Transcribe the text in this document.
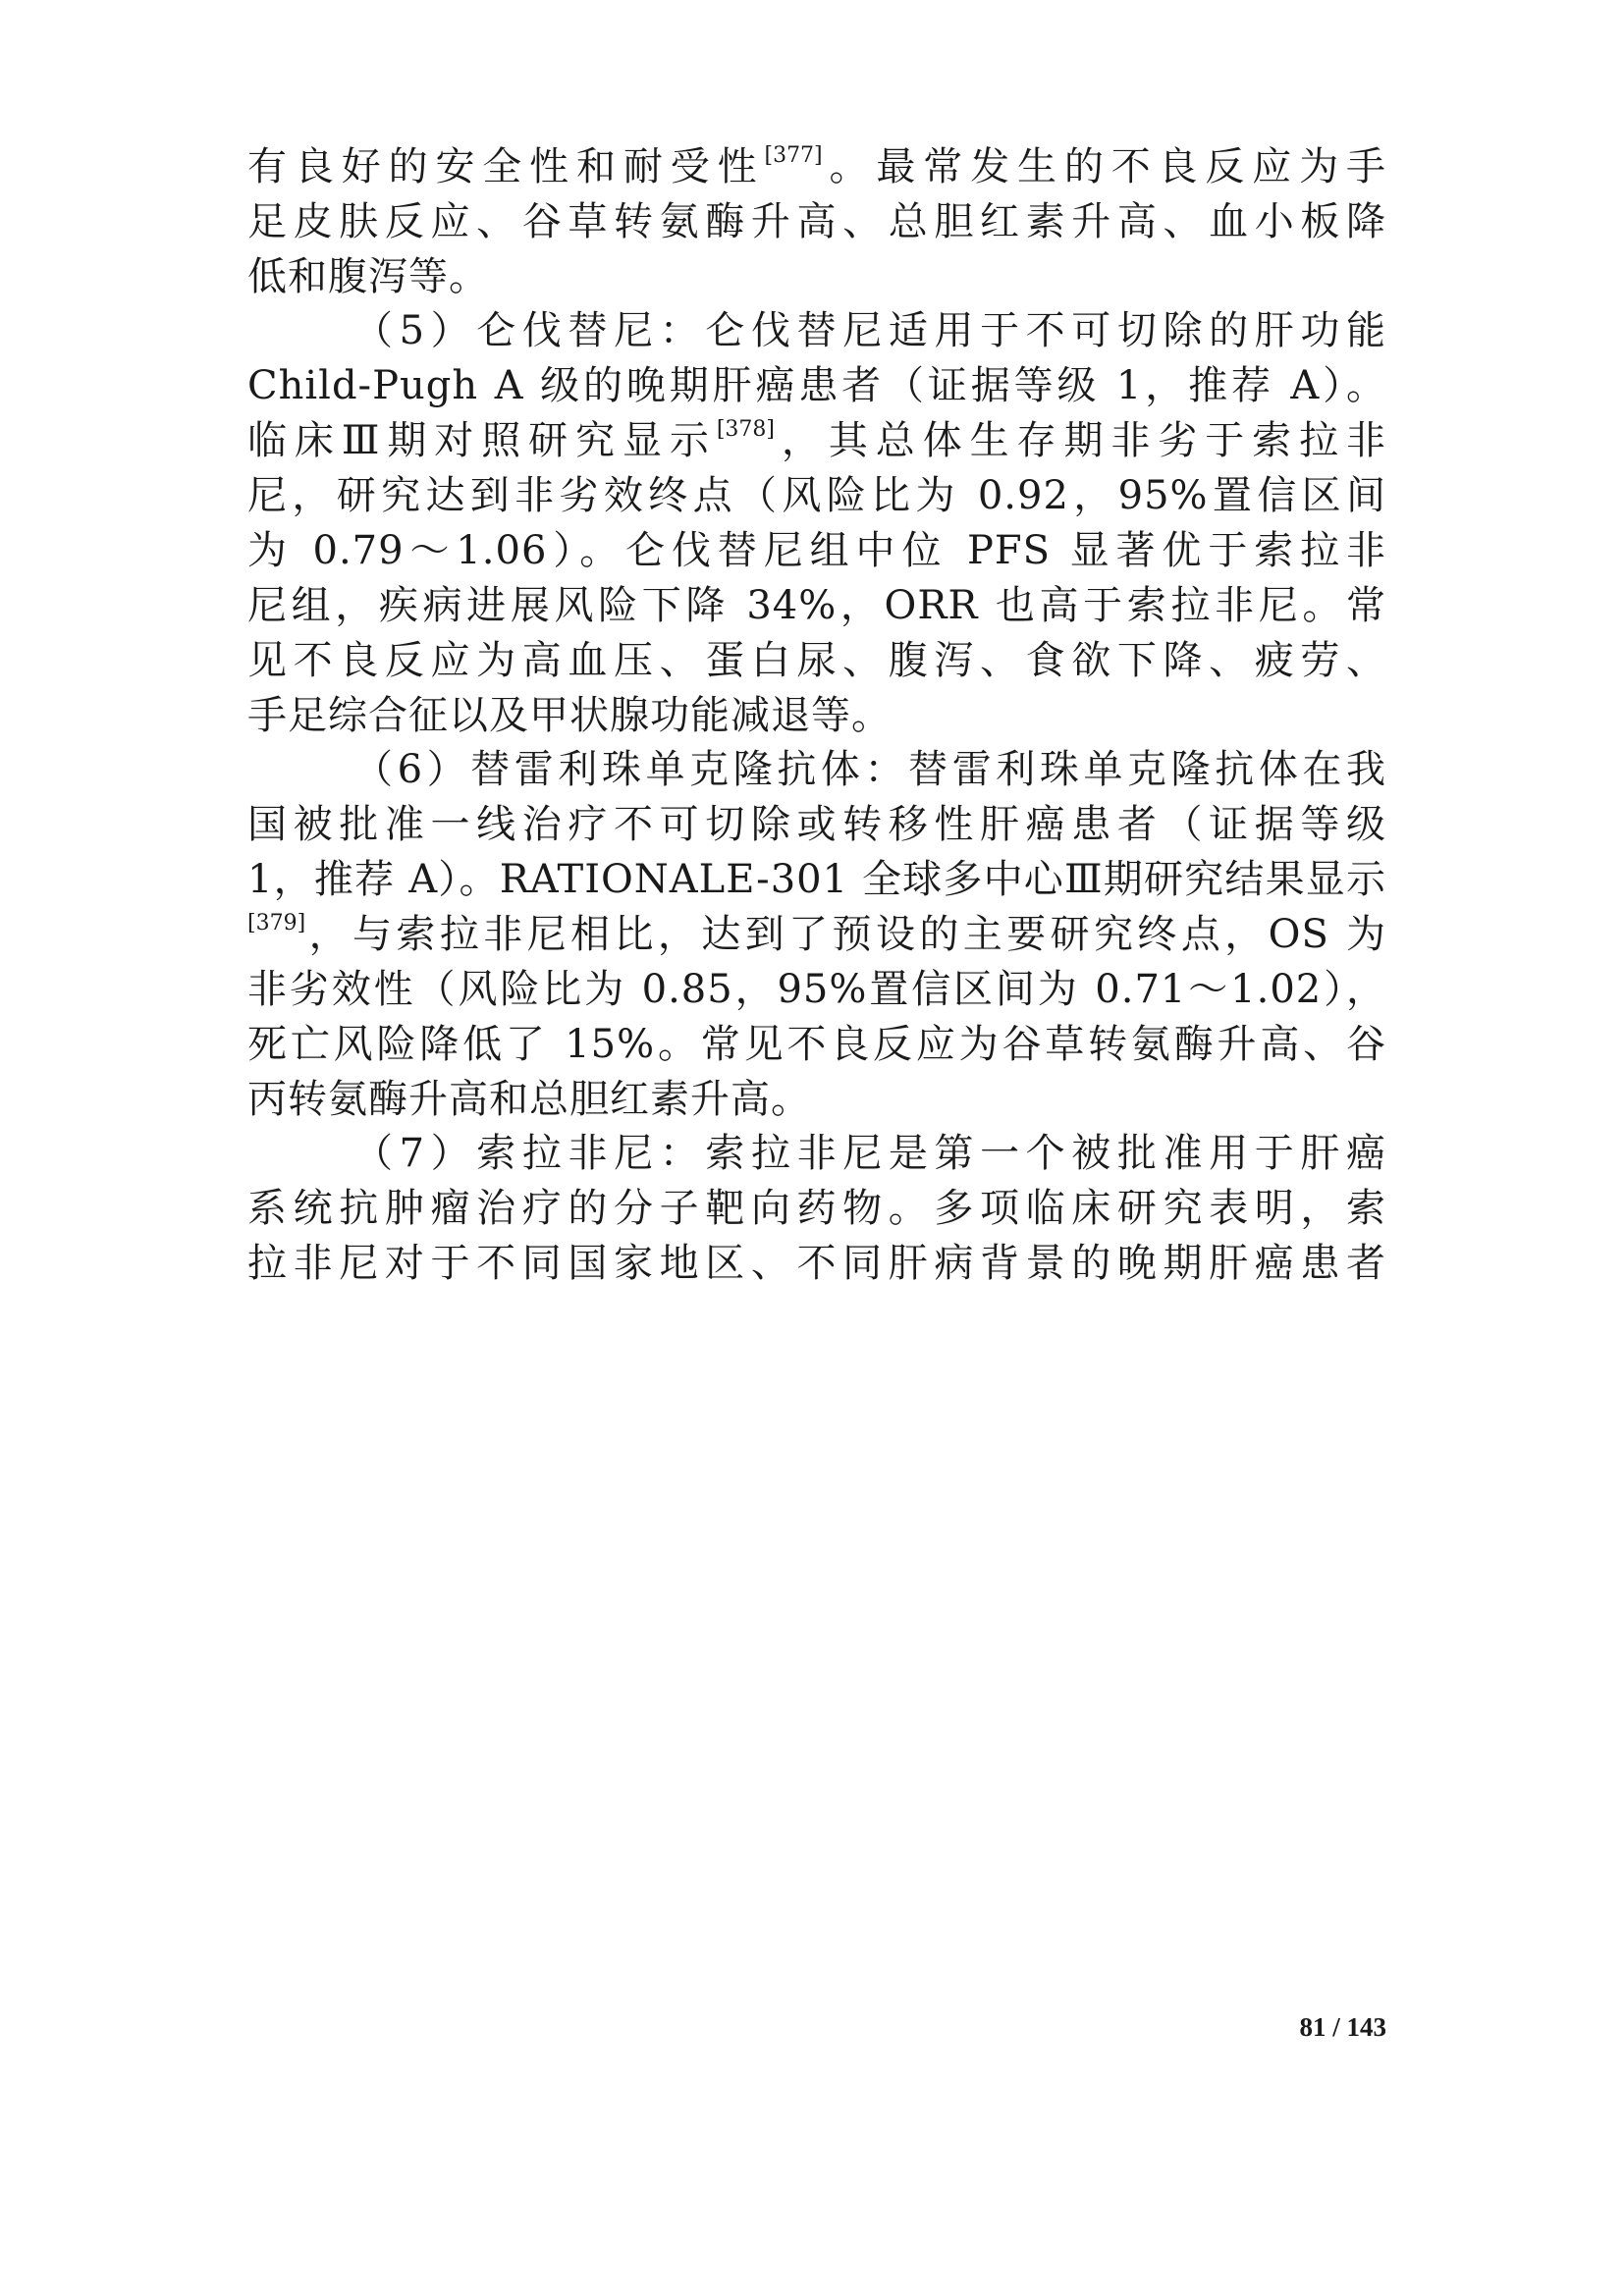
有良好的安全性和耐受性[377]。最常发生的不良反应为手
足皮肤反应、谷草转氨酶升高、总胆红素升高、血小板降
低和腹泻等。
（5）仑伐替尼：仑伐替尼适用于不可切除的肝功能
Child-Pugh A 级的晚期肝癌患者（证据等级 1，推荐 A）。
临床Ⅲ期对照研究显示[378]，其总体生存期非劣于索拉非
尼，研究达到非劣效终点（风险比为 0.92，95%置信区间
为 0.79～1.06）。仑伐替尼组中位 PFS 显著优于索拉非
尼组，疾病进展风险下降 34%，ORR 也高于索拉非尼。常
见不良反应为高血压、蛋白尿、腹泻、食欲下降、疲劳、
手足综合征以及甲状腺功能减退等。
（6）替雷利珠单克隆抗体：替雷利珠单克隆抗体在我
国被批准一线治疗不可切除或转移性肝癌患者（证据等级
1，推荐 A）。RATIONALE-301 全球多中心Ⅲ期研究结果显示
[379]，与索拉非尼相比，达到了预设的主要研究终点，OS 为
非劣效性（风险比为 0.85，95%置信区间为 0.71～1.02），
死亡风险降低了 15%。常见不良反应为谷草转氨酶升高、谷
丙转氨酶升高和总胆红素升高。
（7）索拉非尼：索拉非尼是第一个被批准用于肝癌
系统抗肿瘤治疗的分子靶向药物。多项临床研究表明，索
拉非尼对于不同国家地区、不同肝病背景的晚期肝癌患者
81 / 143
